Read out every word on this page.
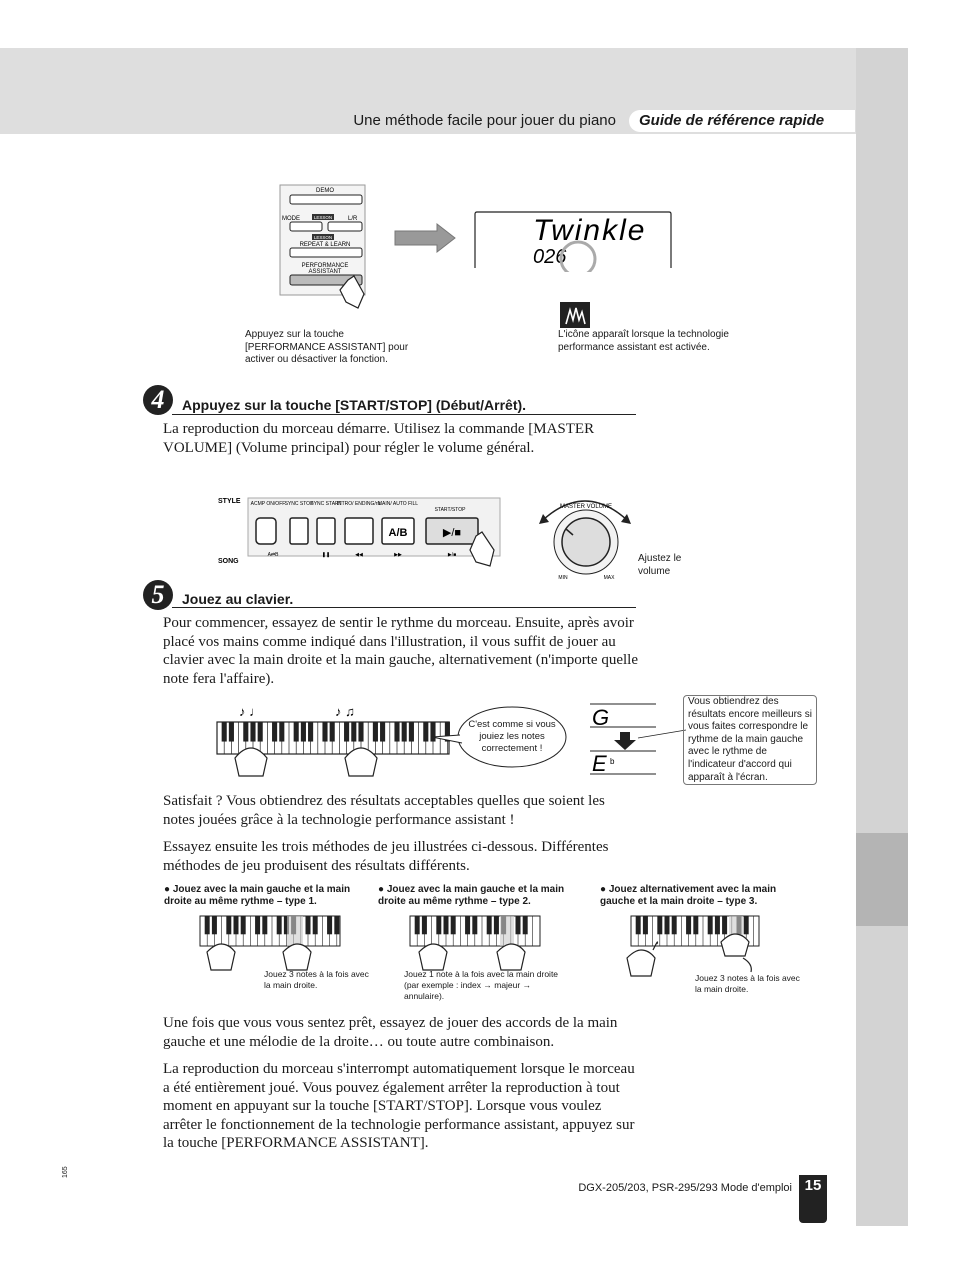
Une méthode facile pour jouer du piano Guide de référence rapide
DEMO
MODE	LESSON	L/R
LESSON
REPEAT & LEARN
PERFORMANCE
ASSISTANT
Twinkle
026
Appuyez sur la touche [PERFORMANCE ASSISTANT] pour activer ou désactiver la fonction.
L'icône apparaît lorsque la technologie performance assistant est activée.
4	Appuyez sur la touche [START/STOP] (Début/Arrêt).
La reproduction du morceau démarre. Utilisez la commande [MASTER VOLUME] (Volume principal) pour régler le volume général.
STYLE
SONG
ACMP ON/OFF SYNC STOP
SYNC START
INTRO/ ENDING/rit.
MAIN/ AUTO FILL
START/STOP
A/B	▶/■
A⇄B	❚❚	◀◀	▶▶	▶/■
MASTER VOLUME
MIN	MAX
Ajustez le volume
5	Jouez au clavier.
Pour commencer, essayez de sentir le rythme du morceau. Ensuite, après avoir placé vos mains comme indiqué dans l'illustration, il vous suffit de jouer au clavier avec la main droite et la main gauche, alternativement (n'importe quelle note fera l'affaire).
♪ ♩	♪ ♫
C'est comme si vous jouiez les notes correctement !
G
E b
Vous obtiendrez des résultats encore meilleurs si vous faites correspondre le rythme de la main gauche avec le rythme de l'indicateur d'accord qui apparaît à l'écran.
Satisfait ? Vous obtiendrez des résultats acceptables quelles que soient les notes jouées grâce à la technologie performance assistant !
Essayez ensuite les trois méthodes de jeu illustrées ci-dessous. Différentes méthodes de jeu produisent des résultats différents.
● Jouez avec la main gauche et la main droite au même rythme – type 1.
● Jouez avec la main gauche et la main droite au même rythme – type 2.
● Jouez alternativement avec la main gauche et la main droite – type 3.
Jouez 3 notes à la fois avec la main droite.
Jouez 1 note à la fois avec la main droite (par exemple : index → majeur → annulaire).
Jouez 3 notes à la fois avec la main droite.
Une fois que vous vous sentez prêt, essayez de jouer des accords de la main gauche et une mélodie de la droite… ou toute autre combinaison.
La reproduction du morceau s'interrompt automatiquement lorsque le morceau a été entièrement joué. Vous pouvez également arrêter la reproduction à tout moment en appuyant sur la touche [START/STOP]. Lorsque vous voulez arrêter le fonctionnement de la technologie performance assistant, appuyez sur la touche [PERFORMANCE ASSISTANT].
165
DGX-205/203, PSR-295/293 Mode d'emploi 15
